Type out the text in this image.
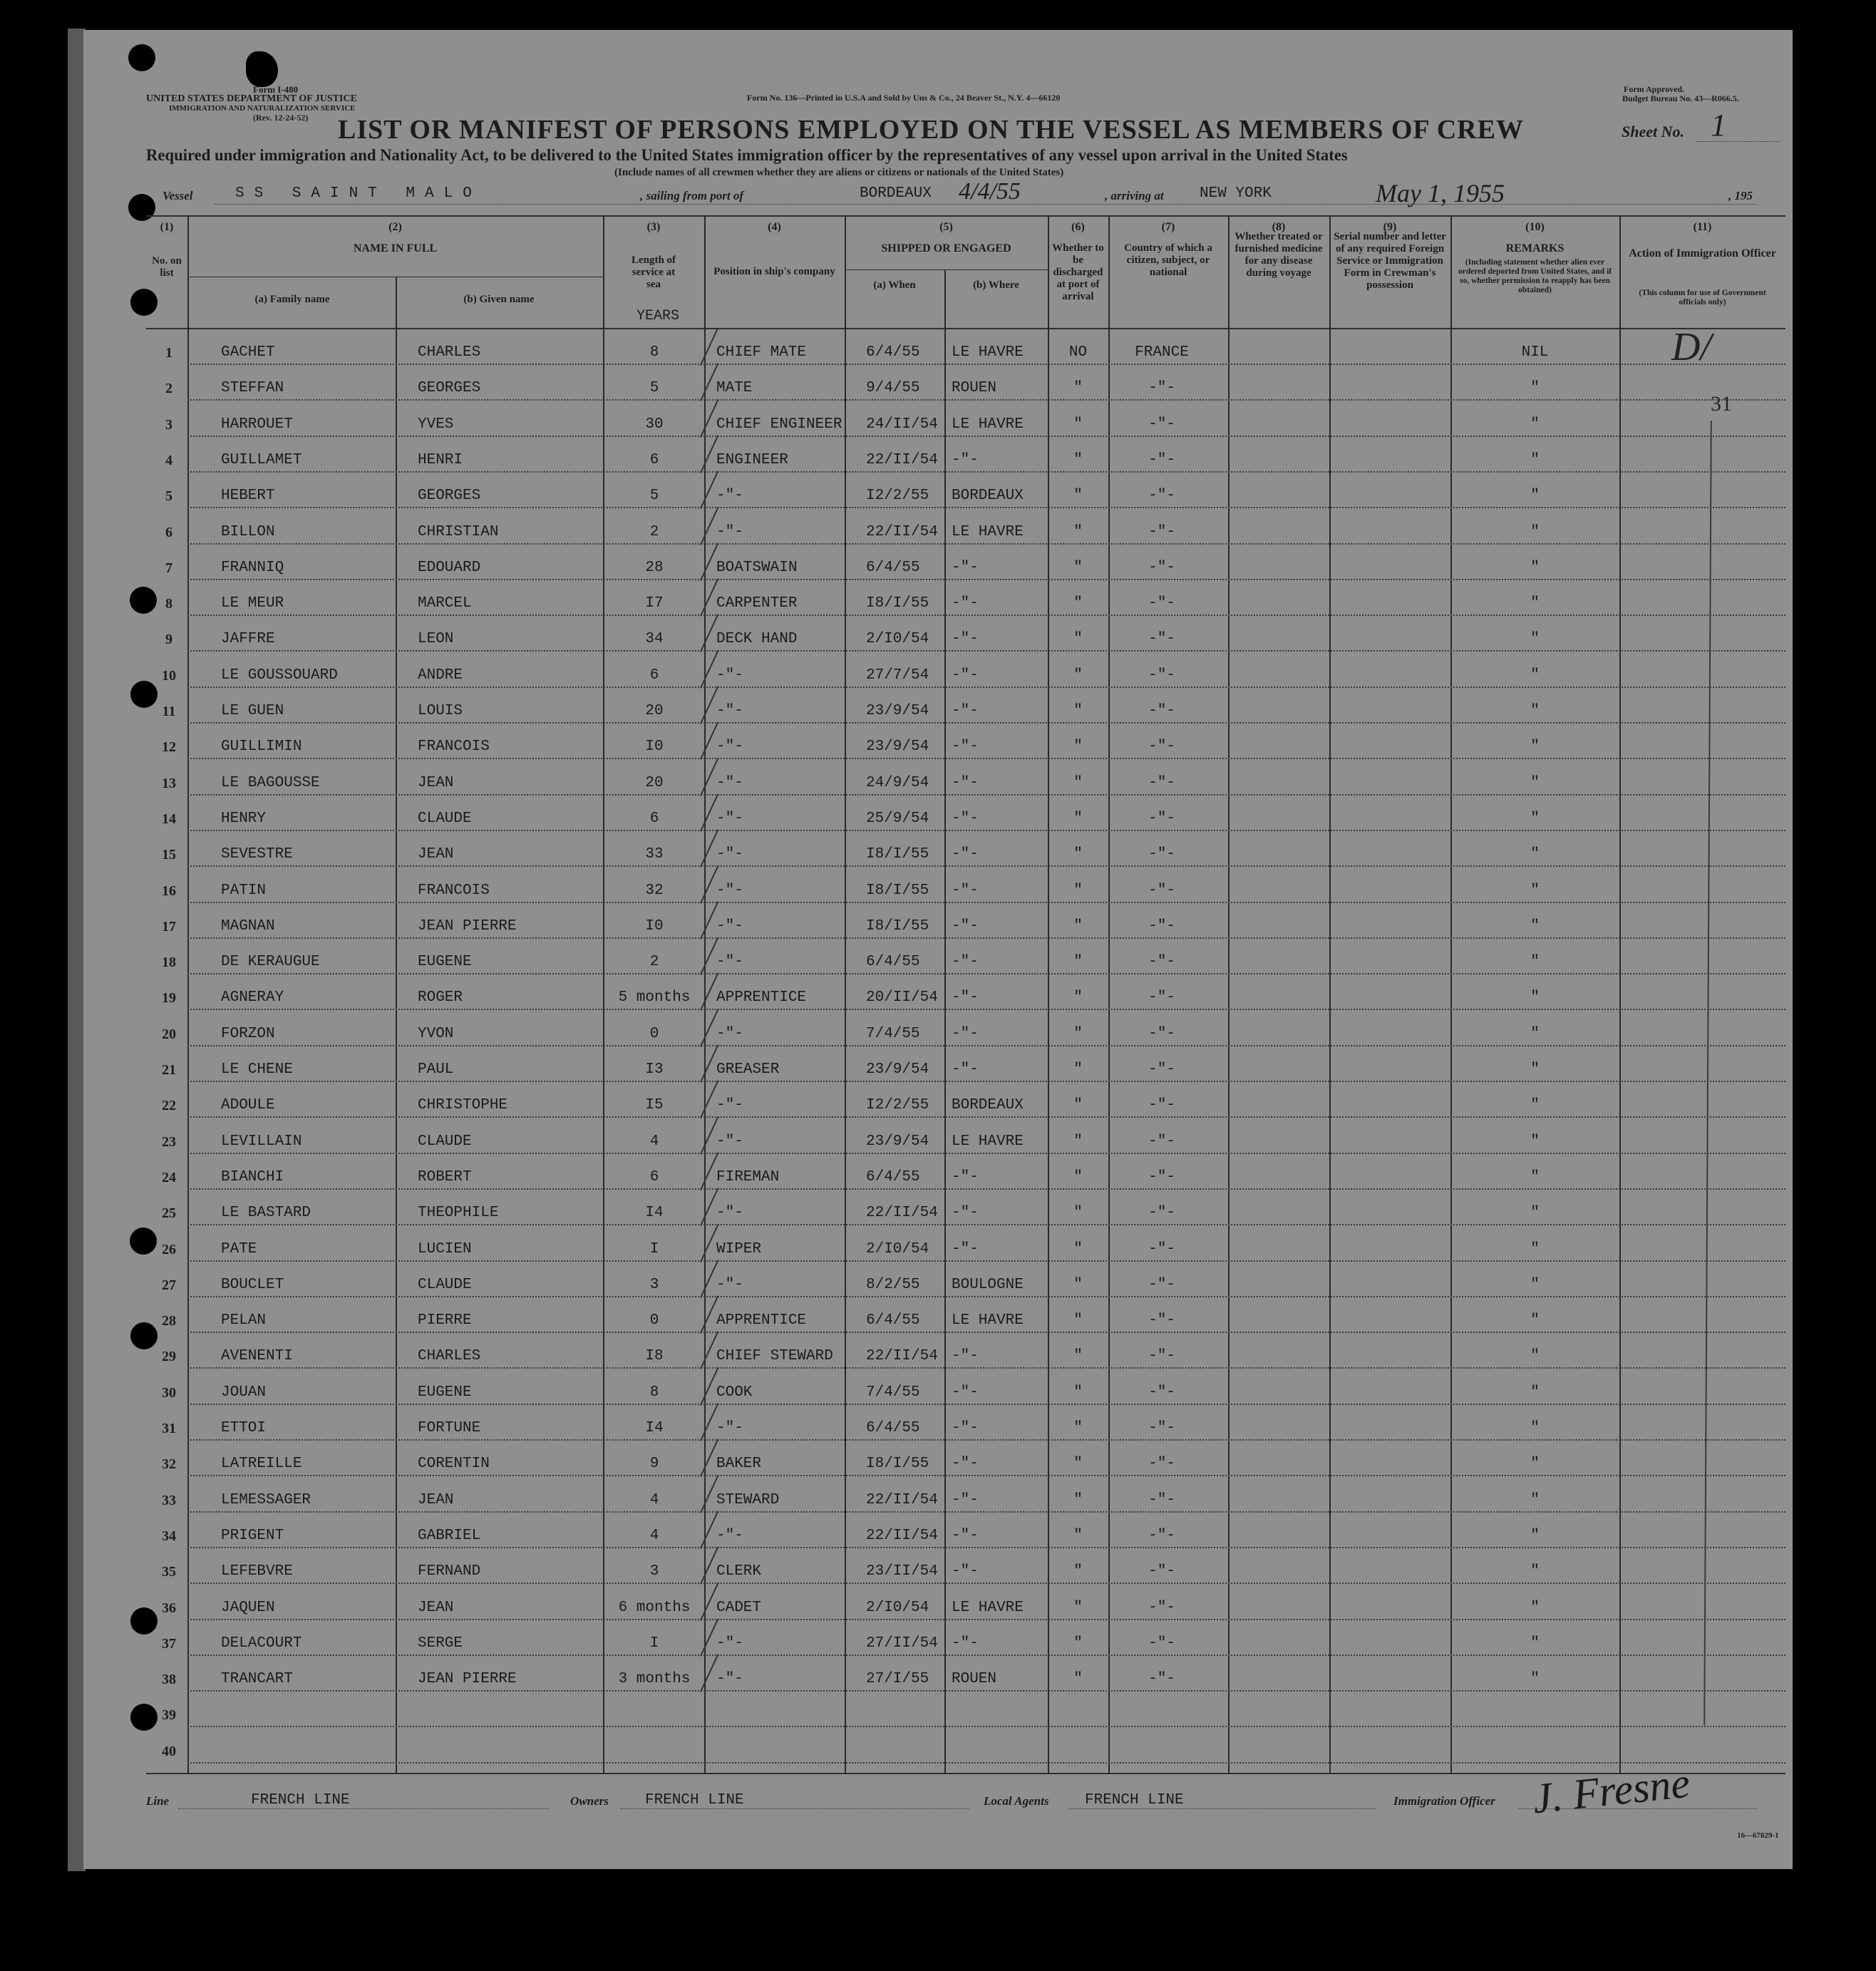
Form I-480
UNITED STATES DEPARTMENT OF JUSTICE
IMMIGRATION AND NATURALIZATION SERVICE
(Rev. 12-24-52)
Form No. 136—Printed in U.S.A and Sold by Uns & Co., 24 Beaver St., N.Y. 4—66120
Form Approved.
Budget Bureau No. 43—R066.5.
LIST OR MANIFEST OF PERSONS EMPLOYED ON THE VESSEL AS MEMBERS OF CREW	Sheet No. 1
Required under immigration and Nationality Act, to be delivered to the United States immigration officer by the representatives of any vessel upon arrival in the United States
(Include names of all crewmen whether they are aliens or citizens or nationals of the United States)
Vessel	SS SAINT MALO	, sailing from port of	BORDEAUX 4/4/55	, arriving at NEW YORK	May 1, 1955	, 195
(1)
No. on list
(2)
NAME IN FULL
(a) Family name	(b) Given name
(3)
Length of service at sea
YEARS
(4)
Position in ship's company
(5)
SHIPPED OR ENGAGED
(a) When	(b) Where
(6)
Whether to be discharged at port of arrival
(7)
Country of which a citizen, subject, or national
(8)
Whether treated or furnished medicine for any disease during voyage
(9)
Serial number and letter of any required Foreign Service or Immigration Form in Crewman's possession
(10)
REMARKS
(Including statement whether alien ever ordered deported from United States, and if so, whether permission to reapply has been obtained)
(11)
Action of Immigration Officer
(This column for use of Government officials only)
1	GACHET	CHARLES	8	CHIEF MATE	6/4/55 LE HAVRE	NO	FRANCE	NIL
2	STEFFAN	GEORGES	5	MATE	9/4/55 ROUEN	"	-"-	"
3	HARROUET	YVES	30	CHIEF ENGINEER 24/II/54 LE HAVRE	"	-"-	"
4	GUILLAMET	HENRI	6	ENGINEER	22/II/54 -"-	"	-"-	"
5	HEBERT	GEORGES	5	-"-	I2/2/55 BORDEAUX	"	-"-	"
6	BILLON	CHRISTIAN	2	-"-	22/II/54 LE HAVRE	"	-"-	"
7	FRANNIQ	EDOUARD	28	BOATSWAIN	6/4/55 -"-	"	-"-	"
8	LE MEUR	MARCEL	I7	CARPENTER	I8/I/55 -"-	"	-"-	"
9	JAFFRE	LEON	34	DECK HAND	2/I0/54 -"-	"	-"-	"
10	LE GOUSSOUARD	ANDRE	6	-"-	27/7/54 -"-	"	-"-	"
11	LE GUEN	LOUIS	20	-"-	23/9/54 -"-	"	-"-	"
12	GUILLIMIN	FRANCOIS	I0	-"-	23/9/54 -"-	"	-"-	"
13	LE BAGOUSSE	JEAN	20	-"-	24/9/54 -"-	"	-"-	"
14	HENRY	CLAUDE	6	-"-	25/9/54 -"-	"	-"-	"
15	SEVESTRE	JEAN	33	-"-	I8/I/55 -"-	"	-"-	"
16	PATIN	FRANCOIS	32	-"-	I8/I/55 -"-	"	-"-	"
17	MAGNAN	JEAN PIERRE	I0	-"-	I8/I/55 -"-	"	-"-	"
18	DE KERAUGUE	EUGENE	2	-"-	6/4/55 -"-	"	-"-	"
19	AGNERAY	ROGER	5 months	APPRENTICE	20/II/54 -"-	"	-"-	"
20	FORZON	YVON	0	-"-	7/4/55 -"-	"	-"-	"
21	LE CHENE	PAUL	I3	GREASER	23/9/54 -"-	"	-"-	"
22	ADOULE	CHRISTOPHE	I5	-"-	I2/2/55 BORDEAUX	"	-"-	"
23	LEVILLAIN	CLAUDE	4	-"-	23/9/54 LE HAVRE	"	-"-	"
24	BIANCHI	ROBERT	6	FIREMAN	6/4/55 -"-	"	-"-	"
25	LE BASTARD	THEOPHILE	I4	-"-	22/II/54 -"-	"	-"-	"
26	PATE	LUCIEN	I	WIPER	2/I0/54 -"-	"	-"-	"
27	BOUCLET	CLAUDE	3	-"-	8/2/55 BOULOGNE	"	-"-	"
28	PELAN	PIERRE	0	APPRENTICE	6/4/55 LE HAVRE	"	-"-	"
29	AVENENTI	CHARLES	I8	CHIEF STEWARD 22/II/54 -"-	"	-"-	"
30	JOUAN	EUGENE	8	COOK	7/4/55 -"-	"	-"-	"
31	ETTOI	FORTUNE	I4	-"-	6/4/55 -"-	"	-"-	"
32	LATREILLE	CORENTIN	9	BAKER	I8/I/55 -"-	"	-"-	"
33	LEMESSAGER	JEAN	4	STEWARD	22/II/54 -"-	"	-"-	"
34	PRIGENT	GABRIEL	4	-"-	22/II/54 -"-	"	-"-	"
35	LEFEBVRE	FERNAND	3	CLERK	23/II/54 -"-	"	-"-	"
36	JAQUEN	JEAN	6 months	CADET	2/I0/54 LE HAVRE	"	-"-	"
37	DELACOURT	SERGE	I	-"-	27/II/54 -"-	"	-"-	"
38	TRANCART	JEAN PIERRE	3 months	-"-	27/I/55 ROUEN	"	-"-	"
39
40
D/
31
Line	FRENCH LINE	Owners FRENCH LINE	Local Agents FRENCH LINE	Immigration Officer J. Fresne
16—67829-1
